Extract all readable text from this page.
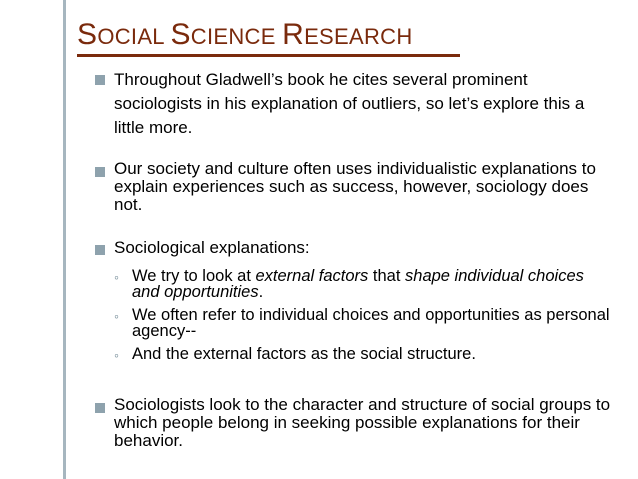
SOCIAL SCIENCE RESEARCH
Throughout Gladwell’s book he cites several prominent sociologists in his explanation of outliers, so let’s explore this a little more.
Our society and culture often uses individualistic explanations to explain experiences such as success, however, sociology does not.
Sociological explanations:
◦ We try to look at external factors that shape individual choices and opportunities.
◦ We often refer to individual choices and opportunities as personal agency--
◦ And the external factors as the social structure.
Sociologists look to the character and structure of social groups to which people belong in seeking possible explanations for their behavior.
